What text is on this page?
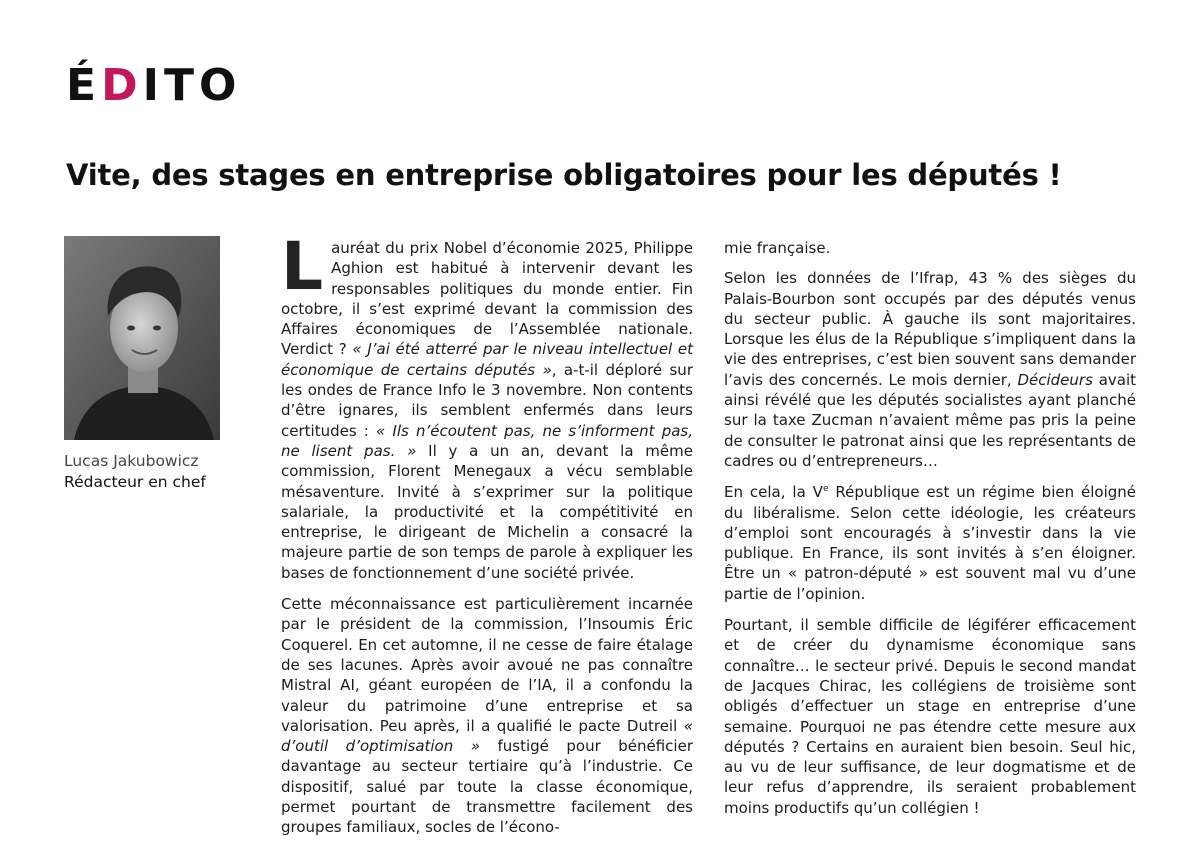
ÉDITO
Vite, des stages en entreprise obligatoires pour les députés !
Lucas Jakubowicz
Rédacteur en chef

Lauréat du prix Nobel d’économie 2025, Philippe Aghion est habitué à intervenir devant les responsables politiques du monde entier. Fin octobre, il s’est exprimé devant la commission des Affaires économiques de l’Assemblée nationale. Verdict ? « J’ai été atterré par le niveau intellectuel et économique de certains députés », a-t-il déploré sur les ondes de France Info le 3 novembre. Non contents d’être ignares, ils semblent enfermés dans leurs certitudes : « Ils n’écoutent pas, ne s’informent pas, ne lisent pas. » Il y a un an, devant la même commission, Florent Menegaux a vécu semblable mésaventure. Invité à s’exprimer sur la politique salariale, la productivité et la compétitivité en entreprise, le dirigeant de Michelin a consacré la majeure partie de son temps de parole à expliquer les bases de fonctionnement d’une société privée.

Cette méconnaissance est particulièrement incarnée par le président de la commission, l’Insoumis Éric Coquerel. En cet automne, il ne cesse de faire étalage de ses lacunes. Après avoir avoué ne pas connaître Mistral AI, géant européen de l’IA, il a confondu la valeur du patrimoine d’une entreprise et sa valorisation. Peu après, il a qualifié le pacte Dutreil « d’outil d’optimisation » fustigé pour bénéficier davantage au secteur tertiaire qu’à l’industrie. Ce dispositif, salué par toute la classe économique, permet pourtant de transmettre facilement des groupes familiaux, socles de l’écono-

mie française.

Selon les données de l’Ifrap, 43 % des sièges du Palais-Bourbon sont occupés par des députés venus du secteur public. À gauche ils sont majoritaires. Lorsque les élus de la République s’impliquent dans la vie des entreprises, c’est bien souvent sans demander l’avis des concernés. Le mois dernier, Décideurs avait ainsi révélé que les députés socialistes ayant planché sur la taxe Zucman n’avaient même pas pris la peine de consulter le patronat ainsi que les représentants de cadres ou d’entrepreneurs…

En cela, la Ve République est un régime bien éloigné du libéralisme. Selon cette idéologie, les créateurs d’emploi sont encouragés à s’investir dans la vie publique. En France, ils sont invités à s’en éloigner. Être un « patron-député » est souvent mal vu d’une partie de l’opinion.

Pourtant, il semble difficile de légiférer efficacement et de créer du dynamisme économique sans connaître… le secteur privé. Depuis le second mandat de Jacques Chirac, les collégiens de troisième sont obligés d’effectuer un stage en entreprise d’une semaine. Pourquoi ne pas étendre cette mesure aux députés ? Certains en auraient bien besoin. Seul hic, au vu de leur suffisance, de leur dogmatisme et de leur refus d’apprendre, ils seraient probablement moins productifs qu’un collégien !
